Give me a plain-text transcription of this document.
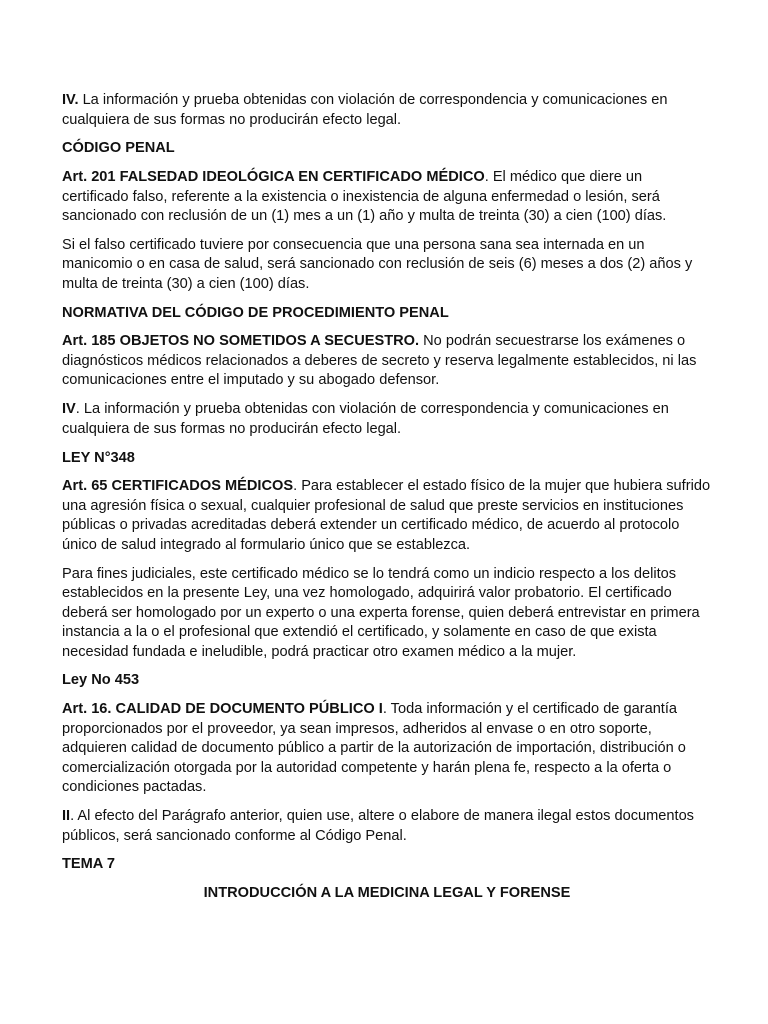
IV. La información y prueba obtenidas con violación de correspondencia y comunicaciones en cualquiera de sus formas no producirán efecto legal.

CÓDIGO PENAL

Art. 201 FALSEDAD IDEOLÓGICA EN CERTIFICADO MÉDICO. El médico que diere un certificado falso, referente a la existencia o inexistencia de alguna enfermedad o lesión, será sancionado con reclusión de un (1) mes a un (1) año y multa de treinta (30) a cien (100) días.

Si el falso certificado tuviere por consecuencia que una persona sana sea internada en un manicomio o en casa de salud, será sancionado con reclusión de seis (6) meses a dos (2) años y multa de treinta (30) a cien (100) días.

NORMATIVA DEL CÓDIGO DE PROCEDIMIENTO PENAL

Art. 185 OBJETOS NO SOMETIDOS A SECUESTRO. No podrán secuestrarse los exámenes o diagnósticos médicos relacionados a deberes de secreto y reserva legalmente establecidos, ni las comunicaciones entre el imputado y su abogado defensor.

IV. La información y prueba obtenidas con violación de correspondencia y comunicaciones en cualquiera de sus formas no producirán efecto legal.

LEY N°348

Art. 65 CERTIFICADOS MÉDICOS. Para establecer el estado físico de la mujer que hubiera sufrido una agresión física o sexual, cualquier profesional de salud que preste servicios en instituciones públicas o privadas acreditadas deberá extender un certificado médico, de acuerdo al protocolo único de salud integrado al formulario único que se establezca.

Para fines judiciales, este certificado médico se lo tendrá como un indicio respecto a los delitos establecidos en la presente Ley, una vez homologado, adquirirá valor probatorio. El certificado deberá ser homologado por un experto o una experta forense, quien deberá entrevistar en primera instancia a la o el profesional que extendió el certificado, y solamente en caso de que exista necesidad fundada e ineludible, podrá practicar otro examen médico a la mujer.

Ley No 453

Art. 16. CALIDAD DE DOCUMENTO PÚBLICO I. Toda información y el certificado de garantía proporcionados por el proveedor, ya sean impresos, adheridos al envase o en otro soporte, adquieren calidad de documento público a partir de la autorización de importación, distribución o comercialización otorgada por la autoridad competente y harán plena fe, respecto a la oferta o condiciones pactadas.

II. Al efecto del Parágrafo anterior, quien use, altere o elabore de manera ilegal estos documentos públicos, será sancionado conforme al Código Penal.

TEMA 7

INTRODUCCIÓN A LA MEDICINA LEGAL Y FORENSE
